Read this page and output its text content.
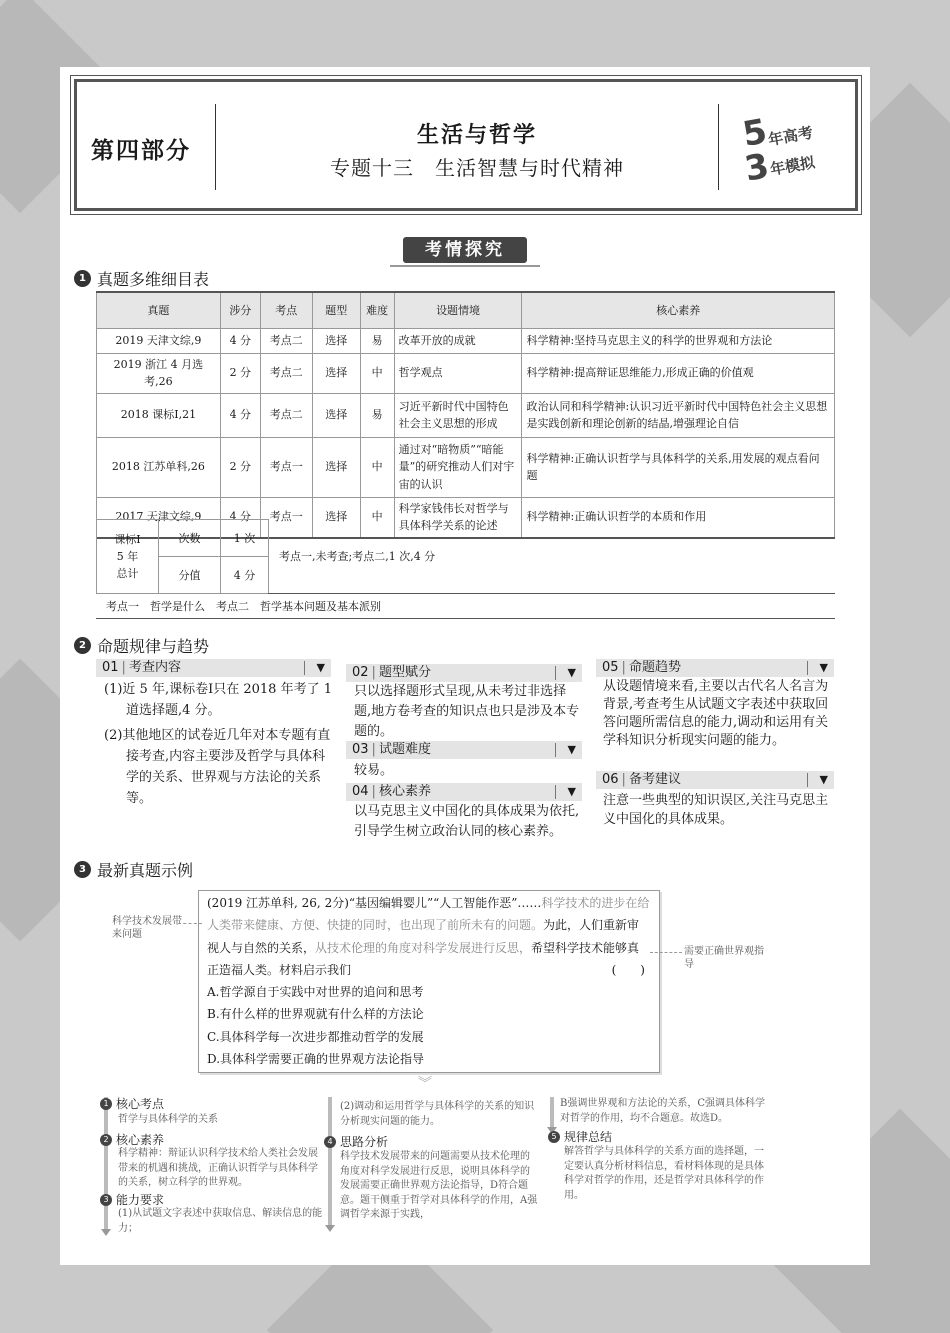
第四部分
生活与哲学
专题十三　生活智慧与时代精神
5
3
年高考
年模拟
考情探究
1 真题多维细目表
真题	涉分	考点	题型	难度	设题情境	核心素养
2019 天津文综,9	4 分	考点二	选择	易	改革开放的成就	科学精神:坚持马克思主义的科学的世界观和方法论
2019 浙江 4 月选考,26	2 分	考点二	选择	中	哲学观点	科学精神:提高辩证思维能力,形成正确的价值观
2018 课标Ⅰ,21	4 分	考点二	选择	易	习近平新时代中国特色社会主义思想的形成	政治认同和科学精神:认识习近平新时代中国特色社会主义思想是实践创新和理论创新的结晶,增强理论自信
2018 江苏单科,26	2 分	考点一	选择	中	通过对“暗物质”“暗能量”的研究推动人们对宇宙的认识	科学精神:正确认识哲学与具体科学的关系,用发展的观点看问题
2017 天津文综,9	4 分	考点一	选择	中	科学家钱伟长对哲学与具体科学关系的论述	科学精神:正确认识哲学的本质和作用
课标Ⅰ
5 年
总计	次数	1 次	考点一,未考查;考点二,1 次,4 分
	分值	4 分	
考点一　哲学是什么　考点二　哲学基本问题及基本派别
2 命题规律与趋势
01 | 考查内容	▼
(1)近 5 年,课标卷Ⅰ只在 2018 年考了 1 道选择题,4 分。
(2)其他地区的试卷近几年对本专题有直接考查,内容主要涉及哲学与具体科学的关系、世界观与方法论的关系等。
02 | 题型赋分	▼
只以选择题形式呈现,从未考过非选择题,地方卷考查的知识点也只是涉及本专题的。
03 | 试题难度	▼
较易。
04 | 核心素养	▼
以马克思主义中国化的具体成果为依托,引导学生树立政治认同的核心素养。
05 | 命题趋势	▼
从设题情境来看,主要以古代名人名言为背景,考查考生从试题文字表述中获取回答问题所需信息的能力,调动和运用有关学科知识分析现实问题的能力。
06 | 备考建议	▼
注意一些典型的知识误区,关注马克思主义中国化的具体成果。
3 最新真题示例
(2019 江苏单科, 26, 2分)“基因编辑婴儿”“人工智能作恶”……科学技术的进步在给人类带来健康、方便、快捷的同时，也出现了前所未有的问题。为此，人们重新审视人与自然的关系，从技术伦理的角度对科学发展进行反思，希望科学技术能够真正造福人类。材料启示我们	(　　)
A.哲学源自于实践中对世界的追问和思考
B.有什么样的世界观就有什么样的方法论
C.具体科学每一次进步都推动哲学的发展
D.具体科学需要正确的世界观方法论指导
科学技术发展带来问题
需要正确世界观指导
︾
1 核心考点
哲学与具体科学的关系
2 核心素养
科学精神：辩证认识科学技术给人类社会发展带来的机遇和挑战，正确认识哲学与具体科学的关系，树立科学的世界观。
3 能力要求
(1)从试题文字表述中获取信息、解读信息的能力；
(2)调动和运用哲学与具体科学的关系的知识分析现实问题的能力。
4 思路分析
科学技术发展带来的问题需要从技术伦理的角度对科学发展进行反思，说明具体科学的发展需要正确世界观方法论指导，D符合题意。题干侧重于哲学对具体科学的作用，A强调哲学来源于实践，
B强调世界观和方法论的关系，C强调具体科学对哲学的作用，均不合题意。故选D。
5 规律总结
解答哲学与具体科学的关系方面的选择题，一定要认真分析材料信息，看材料体现的是具体科学对哲学的作用，还是哲学对具体科学的作用。
